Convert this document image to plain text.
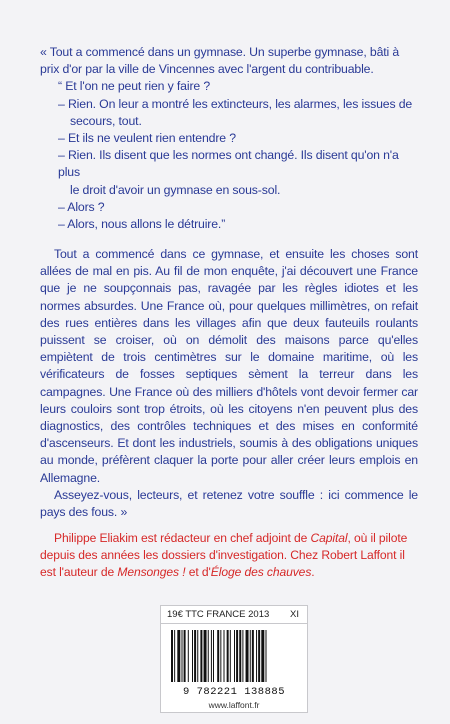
« Tout a commencé dans un gymnase. Un superbe gymnase, bâti à prix d'or par la ville de Vincennes avec l'argent du contribuable.

“ Et l'on ne peut rien y faire ?

– Rien. On leur a montré les extincteurs, les alarmes, les issues de

secours, tout.

– Et ils ne veulent rien entendre ?

– Rien. Ils disent que les normes ont changé. Ils disent qu'on n'a plus

le droit d'avoir un gymnase en sous-sol.

– Alors ?

– Alors, nous allons le détruire.”

Tout a commencé dans ce gymnase, et ensuite les choses sont allées de mal en pis. Au fil de mon enquête, j'ai découvert une France que je ne soupçonnais pas, ravagée par les règles idiotes et les normes absurdes. Une France où, pour quelques millimètres, on refait des rues entières dans les villages afin que deux fauteuils roulants puissent se croiser, où on démolit des maisons parce qu'elles empiètent de trois centimètres sur le domaine maritime, où les vérificateurs de fosses septiques sèment la terreur dans les campagnes. Une France où des milliers d'hôtels vont devoir fermer car leurs couloirs sont trop étroits, où les citoyens n'en peuvent plus des diagnostics, des contrôles techniques et des mises en conformité d'ascenseurs. Et dont les industriels, soumis à des obligations uniques au monde, préfèrent claquer la porte pour aller créer leurs emplois en Allemagne.

Asseyez-vous, lecteurs, et retenez votre souffle : ici commence le pays des fous. »

Philippe Eliakim est rédacteur en chef adjoint de Capital, où il pilote depuis des années les dossiers d'investigation. Chez Robert Laffont il est l'auteur de Mensonges ! et d'Éloge des chauves.

19€ TTC FRANCE 2013 XI
9 782221 138885
www.laffont.fr
